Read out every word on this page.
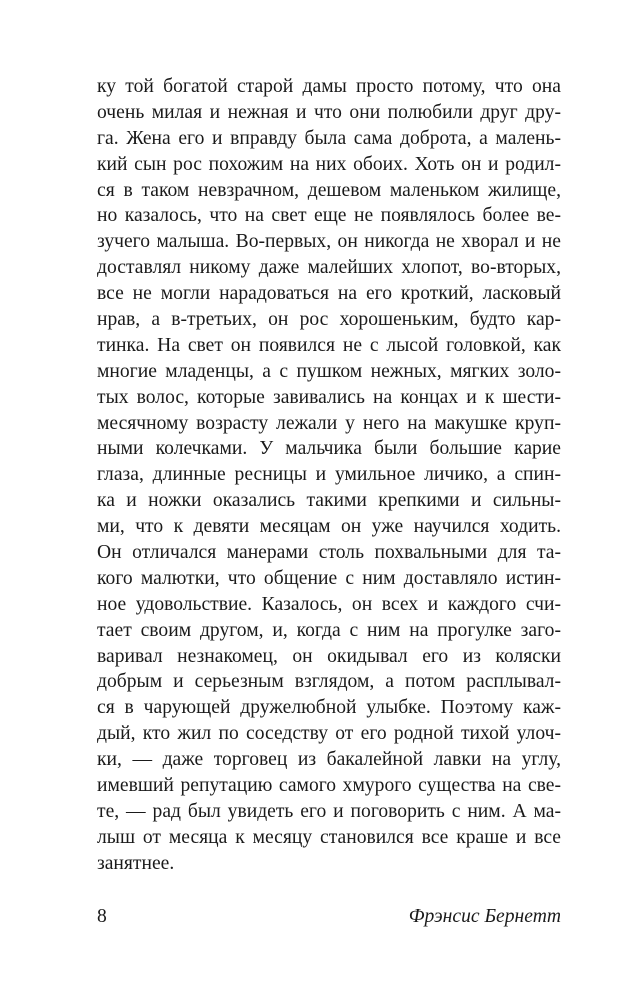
ку той богатой старой дамы просто потому, что она
очень милая и нежная и что они полюбили друг дру-
га. Жена его и вправду была сама доброта, а малень-
кий сын рос похожим на них обоих. Хоть он и родил-
ся в таком невзрачном, дешевом маленьком жилище,
но казалось, что на свет еще не появлялось более ве-
зучего малыша. Во-первых, он никогда не хворал и не
доставлял никому даже малейших хлопот, во-вторых,
все не могли нарадоваться на его кроткий, ласковый
нрав, а в-третьих, он рос хорошеньким, будто кар-
тинка. На свет он появился не с лысой головкой, как
многие младенцы, а с пушком нежных, мягких золо-
тых волос, которые завивались на концах и к шести-
месячному возрасту лежали у него на макушке круп-
ными колечками. У мальчика были большие карие
глаза, длинные ресницы и умильное личико, а спин-
ка и ножки оказались такими крепкими и сильны-
ми, что к девяти месяцам он уже научился ходить.
Он отличался манерами столь похвальными для та-
кого малютки, что общение с ним доставляло истин-
ное удовольствие. Казалось, он всех и каждого счи-
тает своим другом, и, когда с ним на прогулке заго-
варивал незнакомец, он окидывал его из коляски
добрым и серьезным взглядом, а потом расплывал-
ся в чарующей дружелюбной улыбке. Поэтому каж-
дый, кто жил по соседству от его родной тихой улоч-
ки, — даже торговец из бакалейной лавки на углу,
имевший репутацию самого хмурого существа на све-
те, — рад был увидеть его и поговорить с ним. А ма-
лыш от месяца к месяцу становился все краше и все
занятнее.
8	Фрэнсис Бернетт
